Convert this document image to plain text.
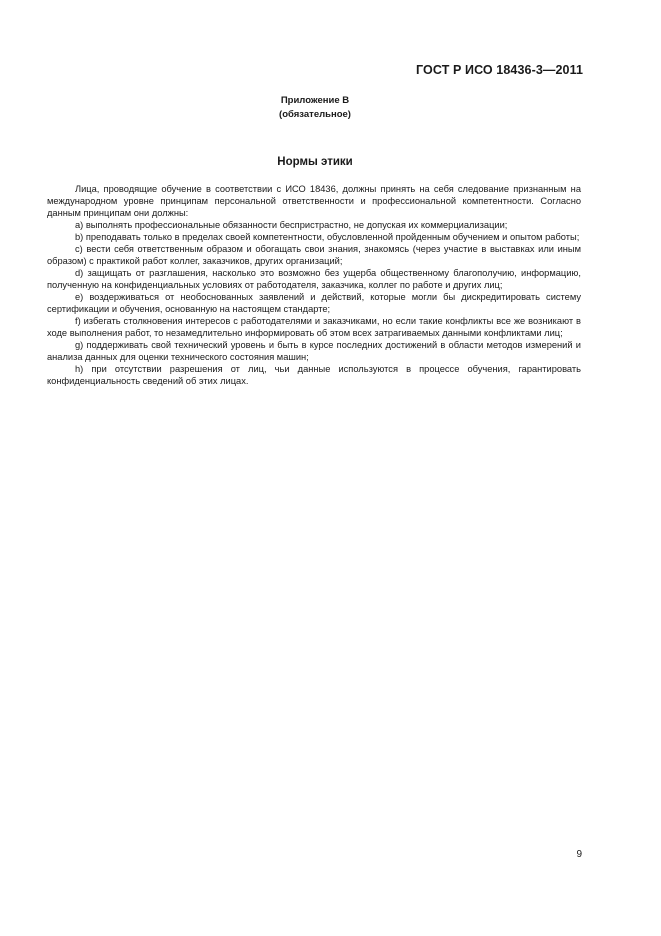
ГОСТ Р ИСО 18436-3—2011
Приложение В
(обязательное)
Нормы этики

Лица, проводящие обучение в соответствии с ИСО 18436, должны принять на себя следование признанным на международном уровне принципам персональной ответственности и профессиональной компетентности. Согласно данным принципам они должны:

a) выполнять профессиональные обязанности беспристрастно, не допуская их коммерциализации;

b) преподавать только в пределах своей компетентности, обусловленной пройденным обучением и опытом работы;

c) вести себя ответственным образом и обогащать свои знания, знакомясь (через участие в выставках или иным образом) с практикой работ коллег, заказчиков, других организаций;

d) защищать от разглашения, насколько это возможно без ущерба общественному благополучию, информацию, полученную на конфиденциальных условиях от работодателя, заказчика, коллег по работе и других лиц;

e) воздерживаться от необоснованных заявлений и действий, которые могли бы дискредитировать систему сертификации и обучения, основанную на настоящем стандарте;

f) избегать столкновения интересов с работодателями и заказчиками, но если такие конфликты все же возникают в ходе выполнения работ, то незамедлительно информировать об этом всех затрагиваемых данными конфликтами лиц;

g) поддерживать свой технический уровень и быть в курсе последних достижений в области методов измерений и анализа данных для оценки технического состояния машин;

h) при отсутствии разрешения от лиц, чьи данные используются в процессе обучения, гарантировать конфиденциальность сведений об этих лицах.

9
